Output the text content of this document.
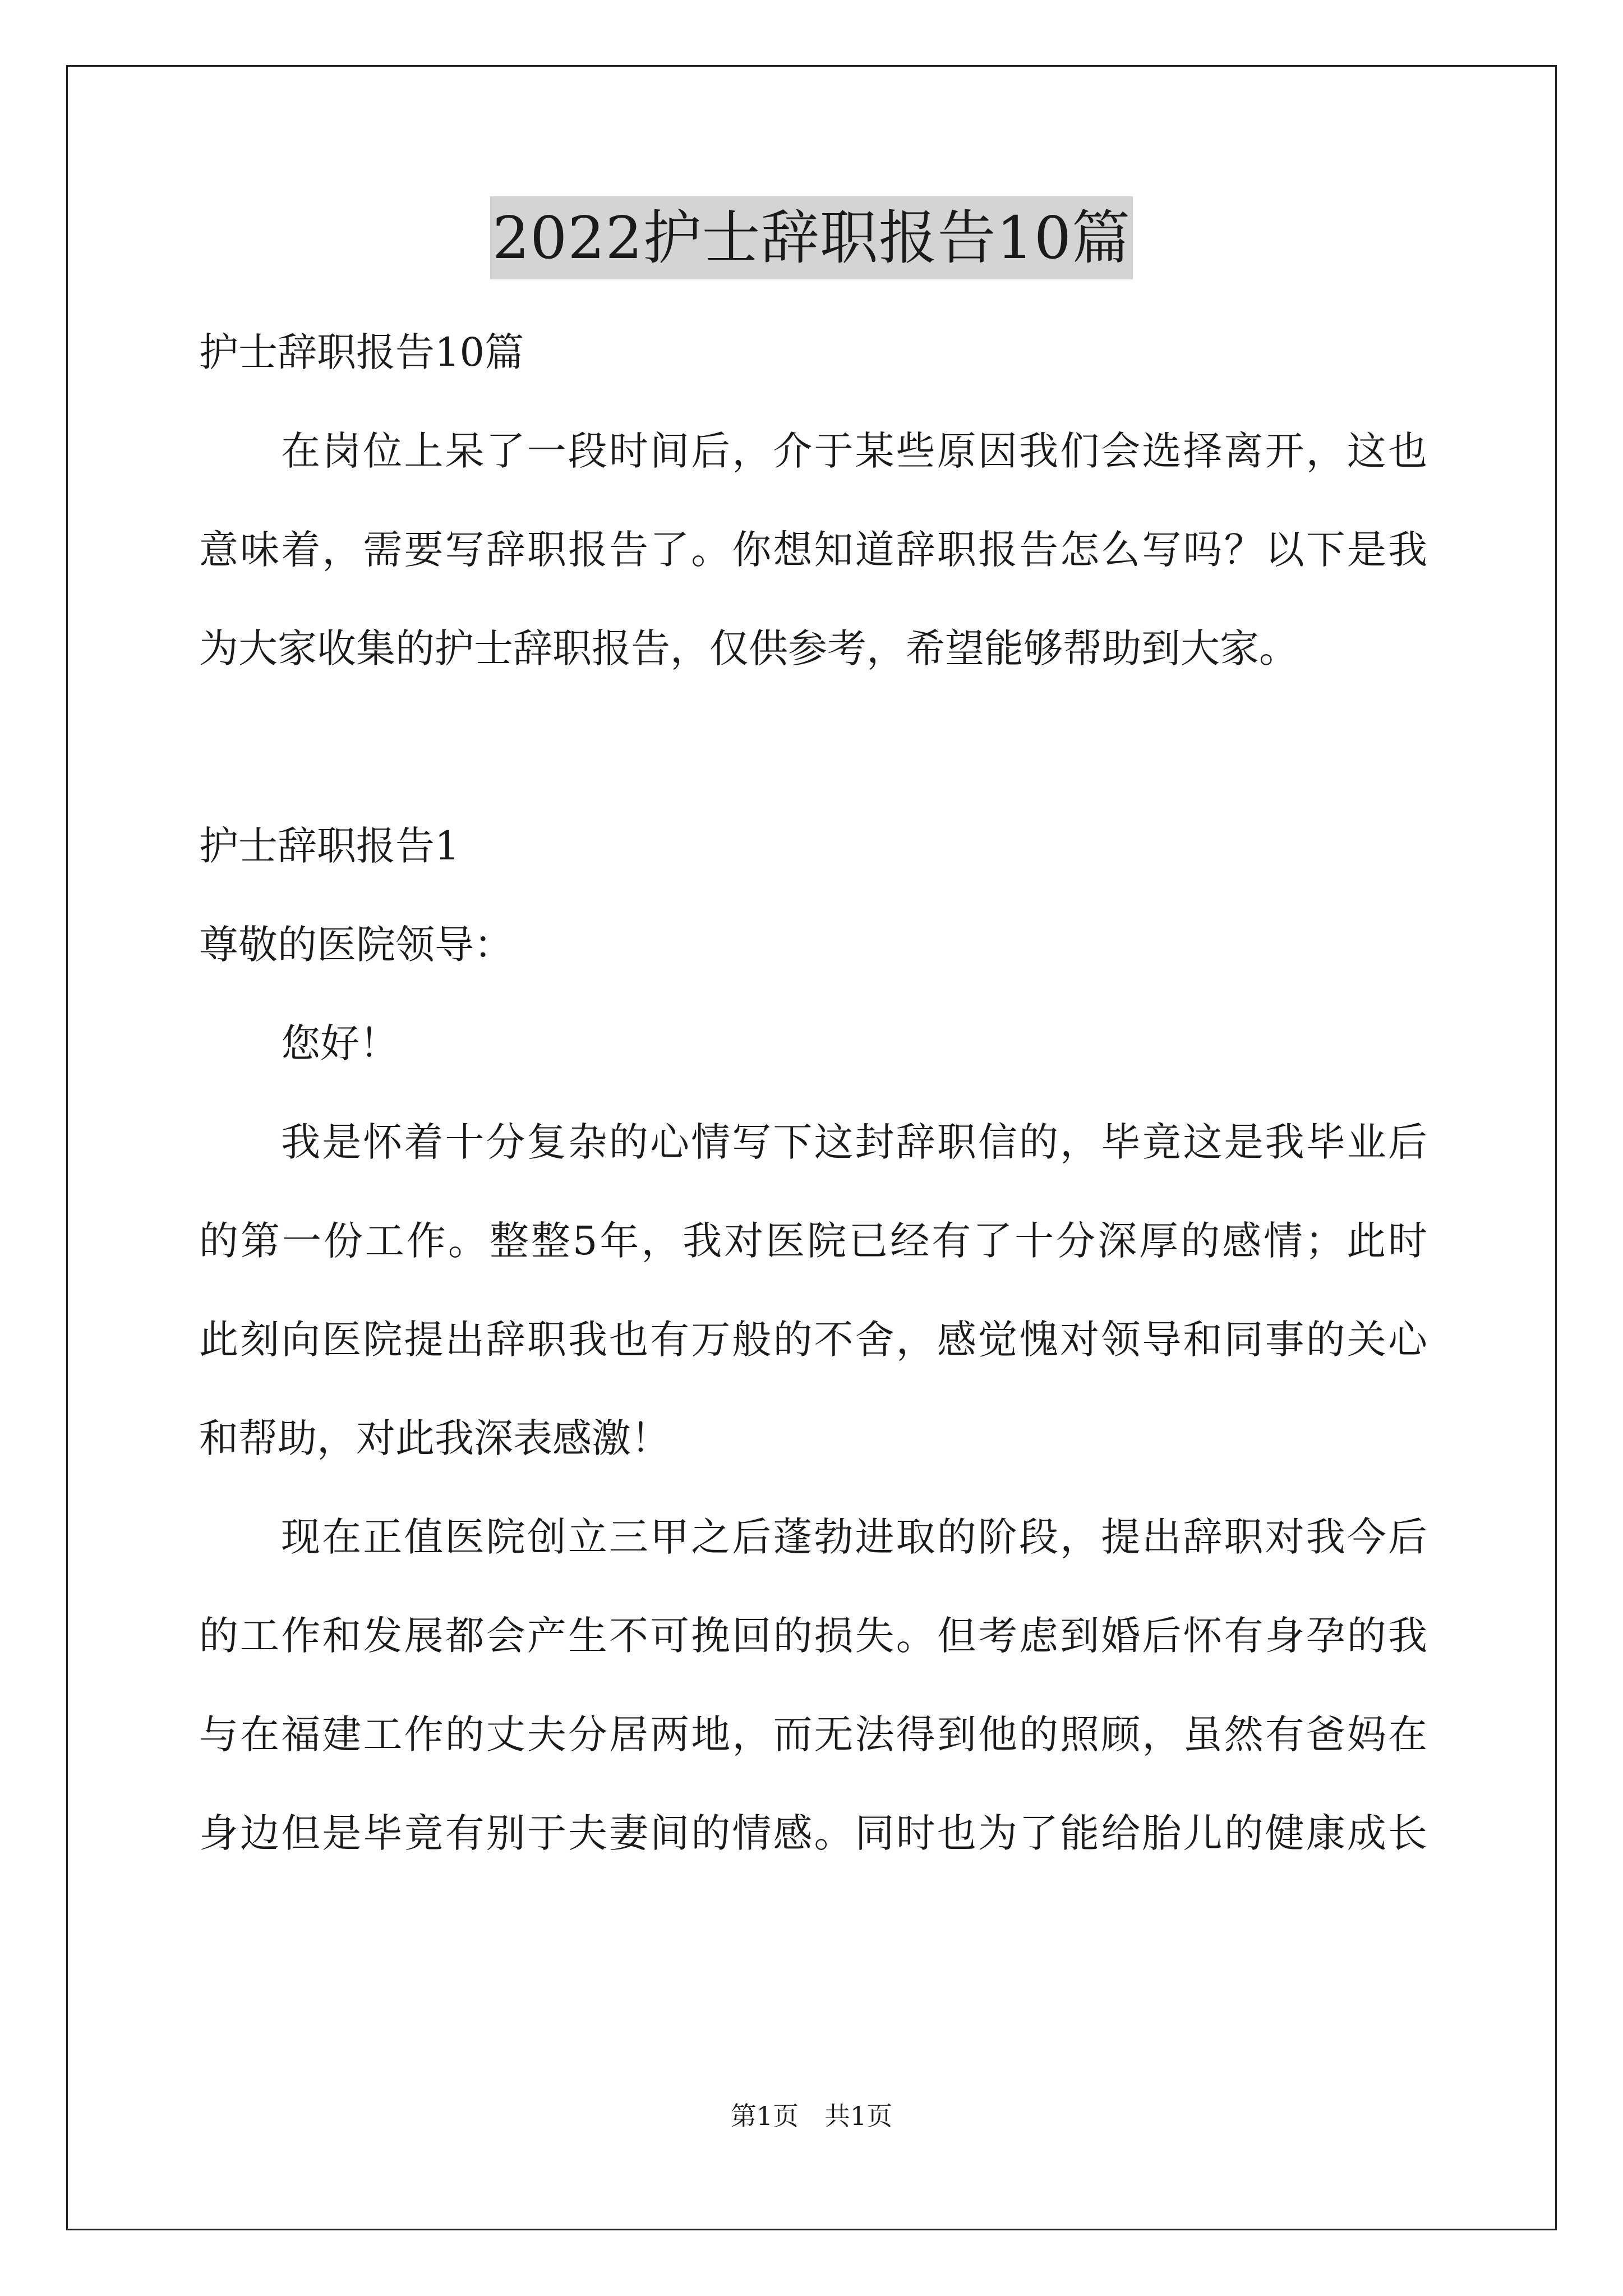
2022护士辞职报告10篇

护士辞职报告10篇

在岗位上呆了一段时间后，介于某些原因我们会选择离开，这也
意味着，需要写辞职报告了。你想知道辞职报告怎么写吗？以下是我
为大家收集的护士辞职报告，仅供参考，希望能够帮助到大家。

护士辞职报告1

尊敬的医院领导：

您好！

我是怀着十分复杂的心情写下这封辞职信的，毕竟这是我毕业后
的第一份工作。整整5年，我对医院已经有了十分深厚的感情；此时
此刻向医院提出辞职我也有万般的不舍，感觉愧对领导和同事的关心
和帮助，对此我深表感激！

现在正值医院创立三甲之后蓬勃进取的阶段，提出辞职对我今后
的工作和发展都会产生不可挽回的损失。但考虑到婚后怀有身孕的我
与在福建工作的丈夫分居两地，而无法得到他的照顾，虽然有爸妈在
身边但是毕竟有别于夫妻间的情感。同时也为了能给胎儿的健康成长

第1页　共1页
